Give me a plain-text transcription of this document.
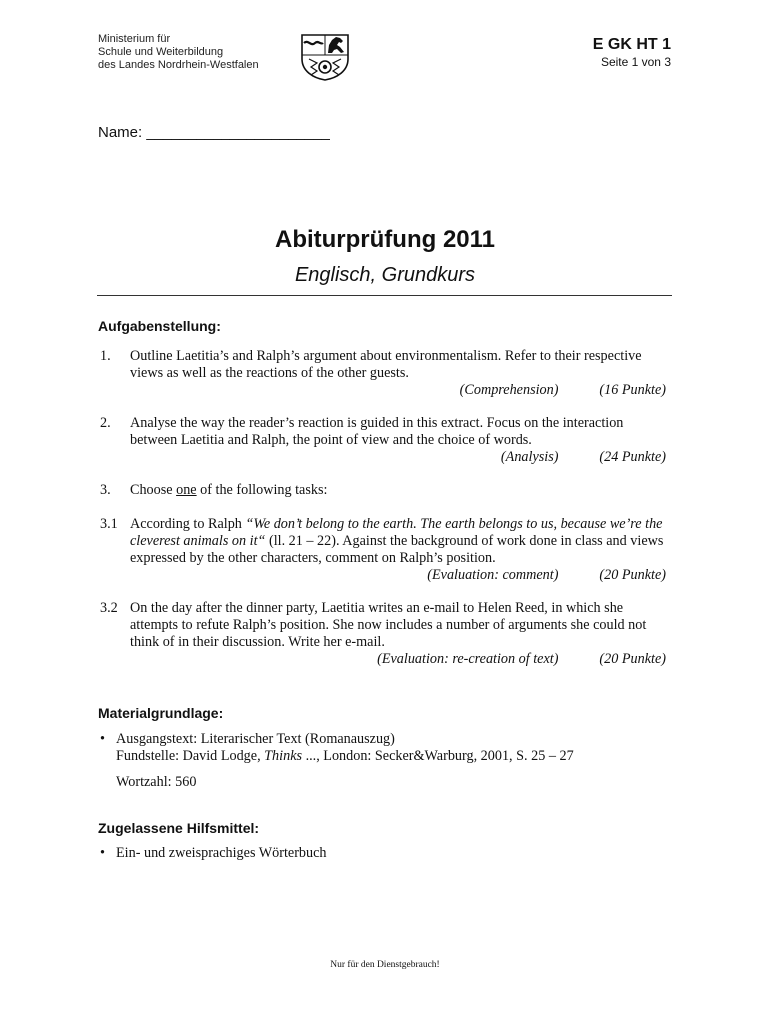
Ministerium für
Schule und Weiterbildung
des Landes Nordrhein-Westfalen
E GK HT 1
Seite 1 von 3
Name: ______________________
Abiturprüfung 2011
Englisch, Grundkurs
Aufgabenstellung:
1.	Outline Laetitia’s and Ralph’s argument about environmentalism. Refer to their respective views as well as the reactions of the other guests.
(Comprehension)	(16 Punkte)
2.	Analyse the way the reader’s reaction is guided in this extract. Focus on the interaction between Laetitia and Ralph, the point of view and the choice of words.
(Analysis)	(24 Punkte)
3.	Choose one of the following tasks:
3.1 According to Ralph “We don’t belong to the earth. The earth belongs to us, because we’re the cleverest animals on it“ (ll. 21 – 22). Against the background of work done in class and views expressed by the other characters, comment on Ralph’s position.
(Evaluation: comment)	(20 Punkte)
3.2 On the day after the dinner party, Laetitia writes an e-mail to Helen Reed, in which she attempts to refute Ralph’s position. She now includes a number of arguments she could not think of in their discussion. Write her e-mail.
(Evaluation: re-creation of text)	(20 Punkte)
Materialgrundlage:
• Ausgangstext: Literarischer Text (Romanauszug)
Fundstelle: David Lodge, Thinks ..., London: Secker&Warburg, 2001, S. 25 – 27
Wortzahl: 560
Zugelassene Hilfsmittel:
• Ein- und zweisprachiges Wörterbuch
Nur für den Dienstgebrauch!
